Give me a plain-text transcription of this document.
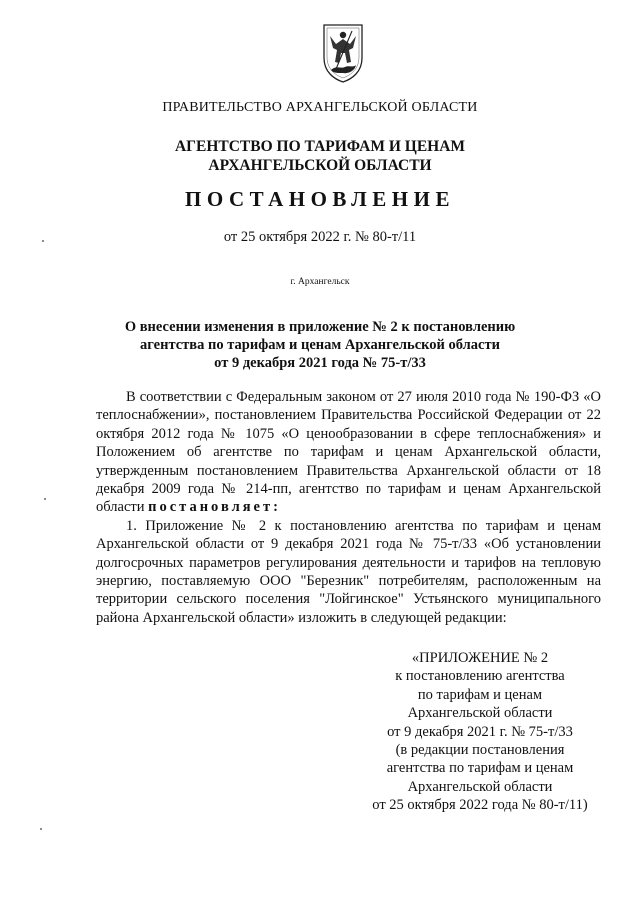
ПРАВИТЕЛЬСТВО АРХАНГЕЛЬСКОЙ ОБЛАСТИ
АГЕНТСТВО ПО ТАРИФАМ И ЦЕНАМ
АРХАНГЕЛЬСКОЙ ОБЛАСТИ
ПОСТАНОВЛЕНИЕ
от 25 октября 2022 г. № 80-т/11
г. Архангельск
О внесении изменения в приложение № 2 к постановлению
агентства по тарифам и ценам Архангельской области
от 9 декабря 2021 года № 75-т/33

В соответствии с Федеральным законом от 27 июля 2010 года № 190-ФЗ «О теплоснабжении», постановлением Правительства Российской Федерации от 22 октября 2012 года № 1075 «О ценообразовании в сфере теплоснабжения» и Положением об агентстве по тарифам и ценам Архангельской области, утвержденным постановлением Правительства Архангельской области от 18 декабря 2009 года № 214-пп, агентство по тарифам и ценам Архангельской области постановляет:

1. Приложение № 2 к постановлению агентства по тарифам и ценам Архангельской области от 9 декабря 2021 года № 75-т/33 «Об установлении долгосрочных параметров регулирования деятельности и тарифов на тепловую энергию, поставляемую ООО "Березник" потребителям, расположенным на территории сельского поселения "Лойгинское" Устьянского муниципального района Архангельской области» изложить в следующей редакции:

«ПРИЛОЖЕНИЕ № 2
к постановлению агентства
по тарифам и ценам
Архангельской области
от 9 декабря 2021 г. № 75-т/33
(в редакции постановления
агентства по тарифам и ценам
Архангельской области
от 25 октября 2022 года № 80-т/11)
